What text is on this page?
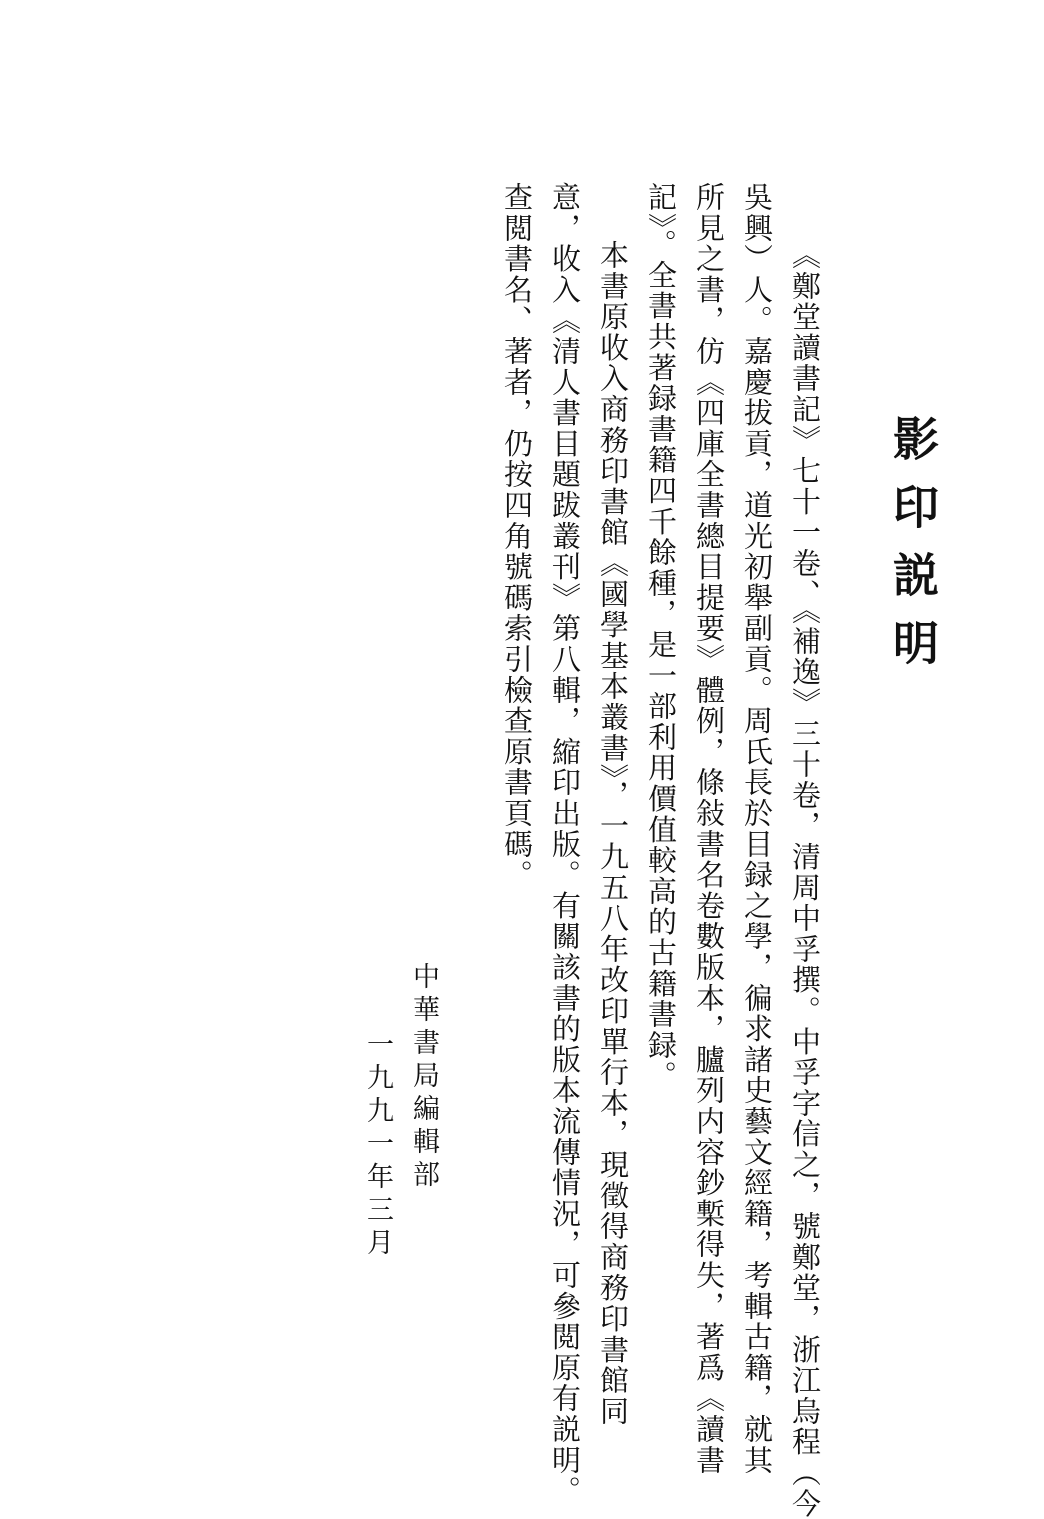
影印説明
《鄭堂讀書記》七十一卷、《補逸》三十卷，清周中孚撰。中孚字信之，號鄭堂，浙江烏程（今
吳興）人。嘉慶拔貢，道光初舉副貢。周氏長於目録之學，徧求諸史藝文經籍，考輯古籍，就其
所見之書，仿《四庫全書總目提要》體例，條敍書名卷數版本，臚列内容鈔槧得失，著爲《讀書
記》。全書共著録書籍四千餘種，是一部利用價值較高的古籍書録。
本書原收入商務印書館《國學基本叢書》，一九五八年改印單行本，現徵得商務印書館同
意，收入《清人書目題跋叢刊》第八輯，縮印出版。有關該書的版本流傳情況，可參閲原有説明。
查閲書名、著者，仍按四角號碼索引檢查原書頁碼。
中華書局編輯部
一九九一年三月
